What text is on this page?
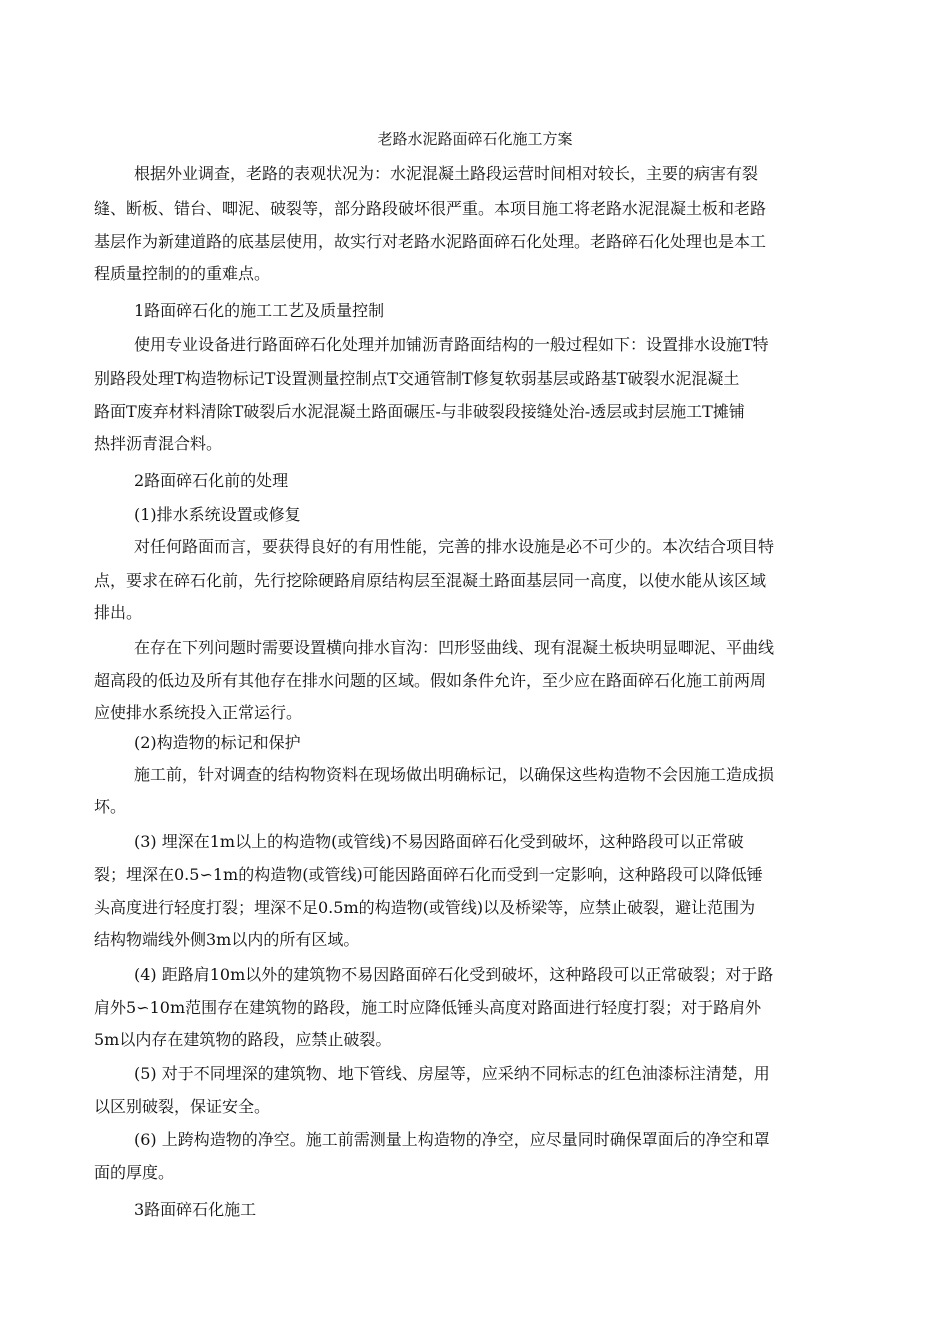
老路水泥路面碎石化施工方案
根据外业调查，老路的表观状况为：水泥混凝土路段运营时间相对较长，主要的病害有裂
缝、断板、错台、唧泥、破裂等，部分路段破坏很严重。本项目施工将老路水泥混凝土板和老路
基层作为新建道路的底基层使用，故实行对老路水泥路面碎石化处理。老路碎石化处理也是本工
程质量控制的的重难点。
1路面碎石化的施工工艺及质量控制
使用专业设备进行路面碎石化处理并加铺沥青路面结构的一般过程如下：设置排水设施T特
别路段处理T构造物标记T设置测量控制点T交通管制T修复软弱基层或路基T破裂水泥混凝土
路面T废弃材料清除T破裂后水泥混凝土路面碾压-与非破裂段接缝处治-透层或封层施工T摊铺
热拌沥青混合料。
2路面碎石化前的处理
(1)排水系统设置或修复
对任何路面而言，要获得良好的有用性能，完善的排水设施是必不可少的。本次结合项目特
点，要求在碎石化前，先行挖除硬路肩原结构层至混凝土路面基层同一高度，以使水能从该区域
排出。
在存在下列问题时需要设置横向排水盲沟：凹形竖曲线、现有混凝土板块明显唧泥、平曲线
超高段的低边及所有其他存在排水问题的区域。假如条件允许，至少应在路面碎石化施工前两周
应使排水系统投入正常运行。
(2)构造物的标记和保护
施工前，针对调查的结构物资料在现场做出明确标记，以确保这些构造物不会因施工造成损
坏。
(3) 埋深在1m以上的构造物(或管线)不易因路面碎石化受到破坏，这种路段可以正常破
裂；埋深在0.5∽1m的构造物(或管线)可能因路面碎石化而受到一定影响，这种路段可以降低锤
头高度进行轻度打裂；埋深不足0.5m的构造物(或管线)以及桥梁等，应禁止破裂，避让范围为
结构物端线外侧3m以内的所有区域。
(4) 距路肩10m以外的建筑物不易因路面碎石化受到破坏，这种路段可以正常破裂；对于路
肩外5∽10m范围存在建筑物的路段，施工时应降低锤头高度对路面进行轻度打裂；对于路肩外
5m以内存在建筑物的路段，应禁止破裂。
(5) 对于不同埋深的建筑物、地下管线、房屋等，应采纳不同标志的红色油漆标注清楚，用
以区别破裂，保证安全。
(6) 上跨构造物的净空。施工前需测量上构造物的净空，应尽量同时确保罩面后的净空和罩
面的厚度。
3路面碎石化施工
